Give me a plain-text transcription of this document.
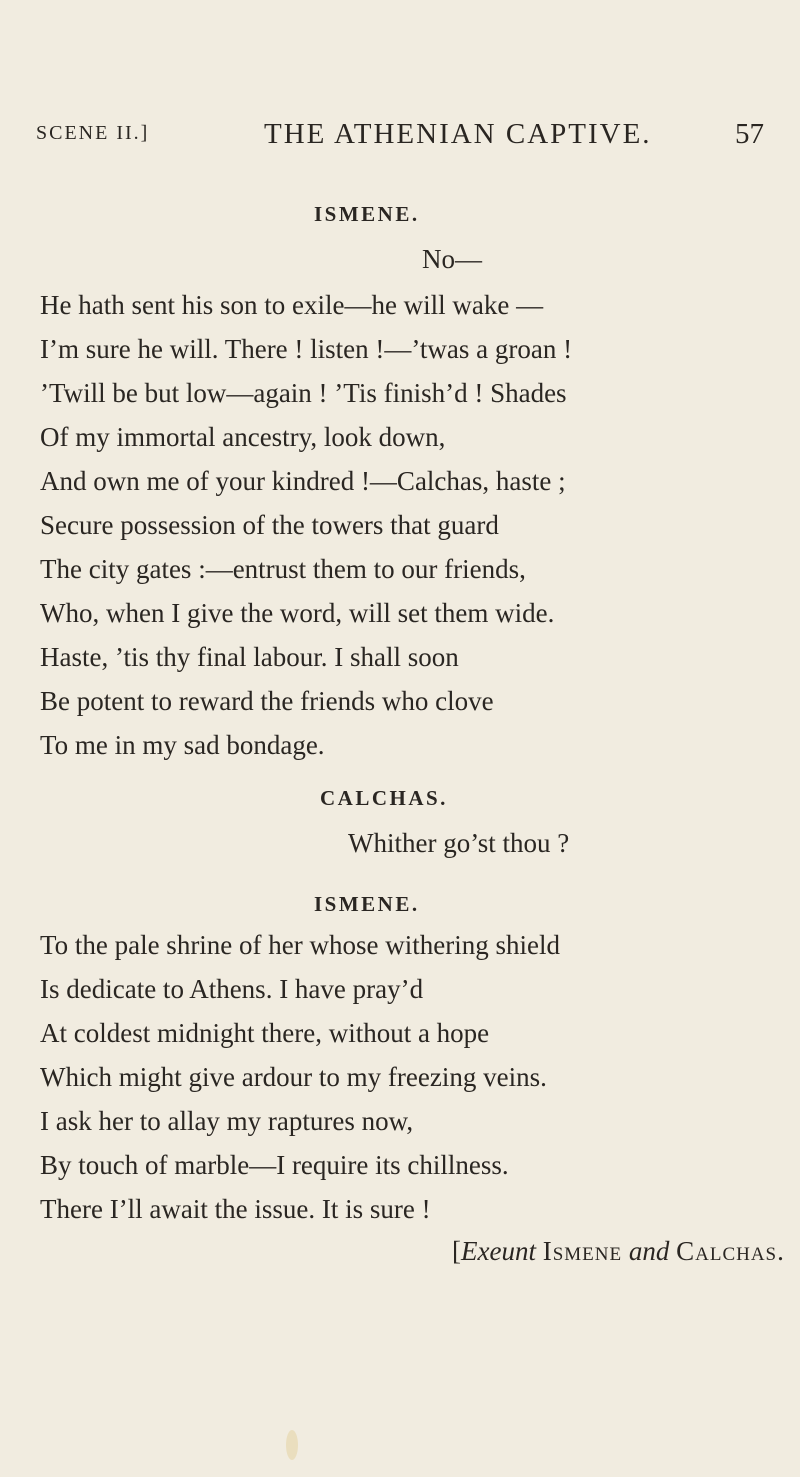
SCENE II.]	THE ATHENIAN CAPTIVE.	57
ISMENE.
No—
He hath sent his son to exile—he will wake —
I’m sure he will. There ! listen !—’twas a groan !
’Twill be but low—again ! ’Tis finish’d ! Shades
Of my immortal ancestry, look down,
And own me of your kindred !—Calchas, haste ;
Secure possession of the towers that guard
The city gates :—entrust them to our friends,
Who, when I give the word, will set them wide.
Haste, ’tis thy final labour. I shall soon
Be potent to reward the friends who clove
To me in my sad bondage.
CALCHAS.
Whither go’st thou ?
ISMENE.
To the pale shrine of her whose withering shield
Is dedicate to Athens. I have pray’d
At coldest midnight there, without a hope
Which might give ardour to my freezing veins.
I ask her to allay my raptures now,
By touch of marble—I require its chillness.
There I’ll await the issue. It is sure !
[Exeunt Ismene and Calchas.
